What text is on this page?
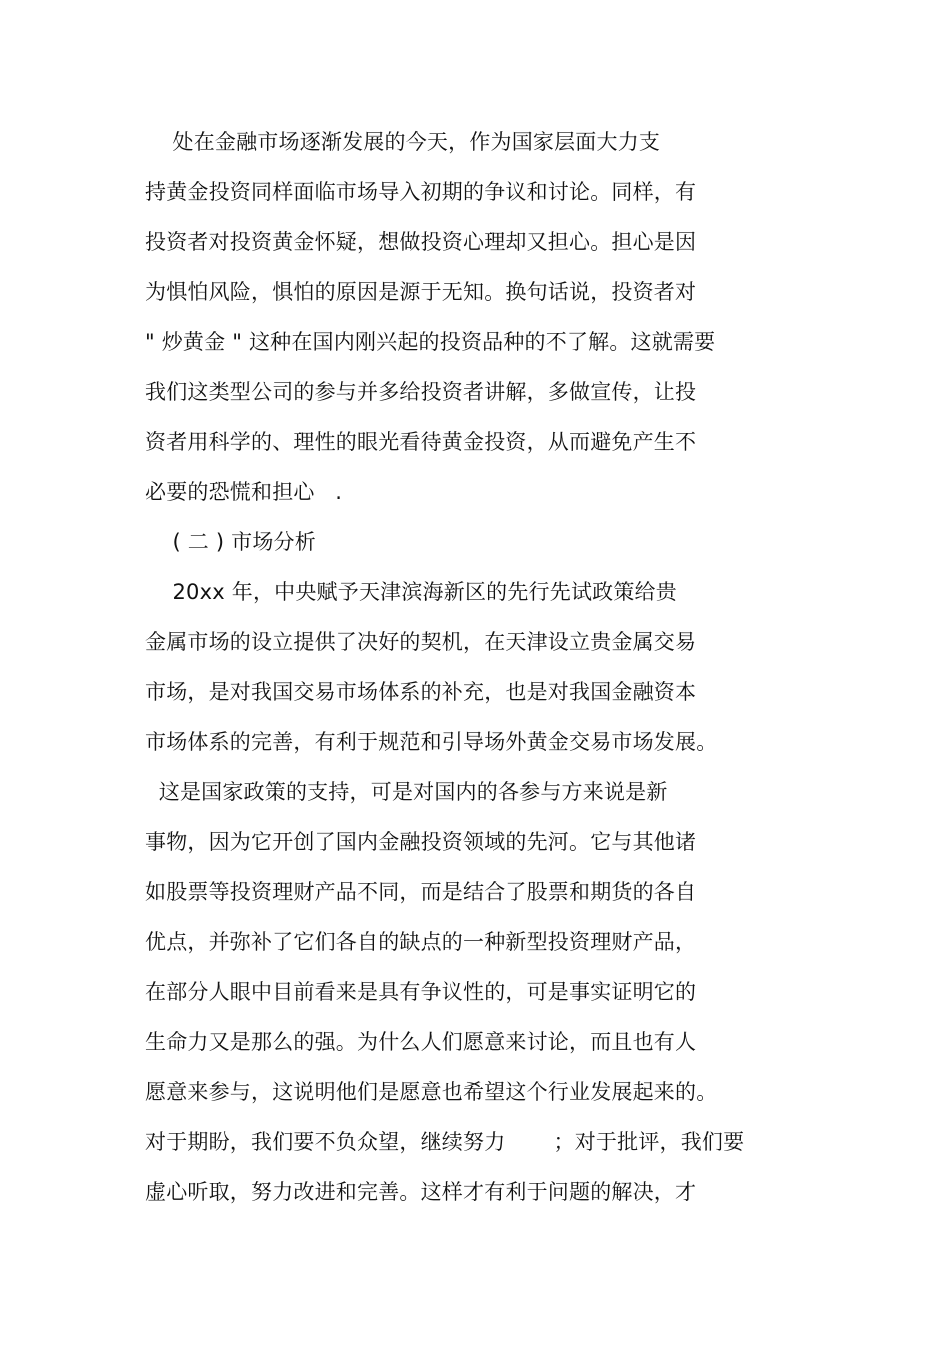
处在金融市场逐渐发展的今天，作为国家层面大力支
持黄金投资同样面临市场导入初期的争议和讨论。同样，有
投资者对投资黄金怀疑，想做投资心理却又担心。担心是因
为惧怕风险，惧怕的原因是源于无知。换句话说，投资者对
" 炒黄金 " 这种在国内刚兴起的投资品种的不了解。这就需要
我们这类型公司的参与并多给投资者讲解，多做宣传，让投
资者用科学的、理性的眼光看待黄金投资，从而避免产生不
必要的恐慌和担心   .
( 二 ) 市场分析
20xx 年，中央赋予天津滨海新区的先行先试政策给贵
金属市场的设立提供了决好的契机，在天津设立贵金属交易
市场，是对我国交易市场体系的补充，也是对我国金融资本
市场体系的完善，有利于规范和引导场外黄金交易市场发展。
这是国家政策的支持，可是对国内的各参与方来说是新
事物，因为它开创了国内金融投资领域的先河。它与其他诸
如股票等投资理财产品不同，而是结合了股票和期货的各自
优点，并弥补了它们各自的缺点的一种新型投资理财产品，
在部分人眼中目前看来是具有争议性的，可是事实证明它的
生命力又是那么的强。为什么人们愿意来讨论，而且也有人
愿意来参与，这说明他们是愿意也希望这个行业发展起来的。
对于期盼，我们要不负众望，继续努力       ；对于批评，我们要
虚心听取，努力改进和完善。这样才有利于问题的解决，才
